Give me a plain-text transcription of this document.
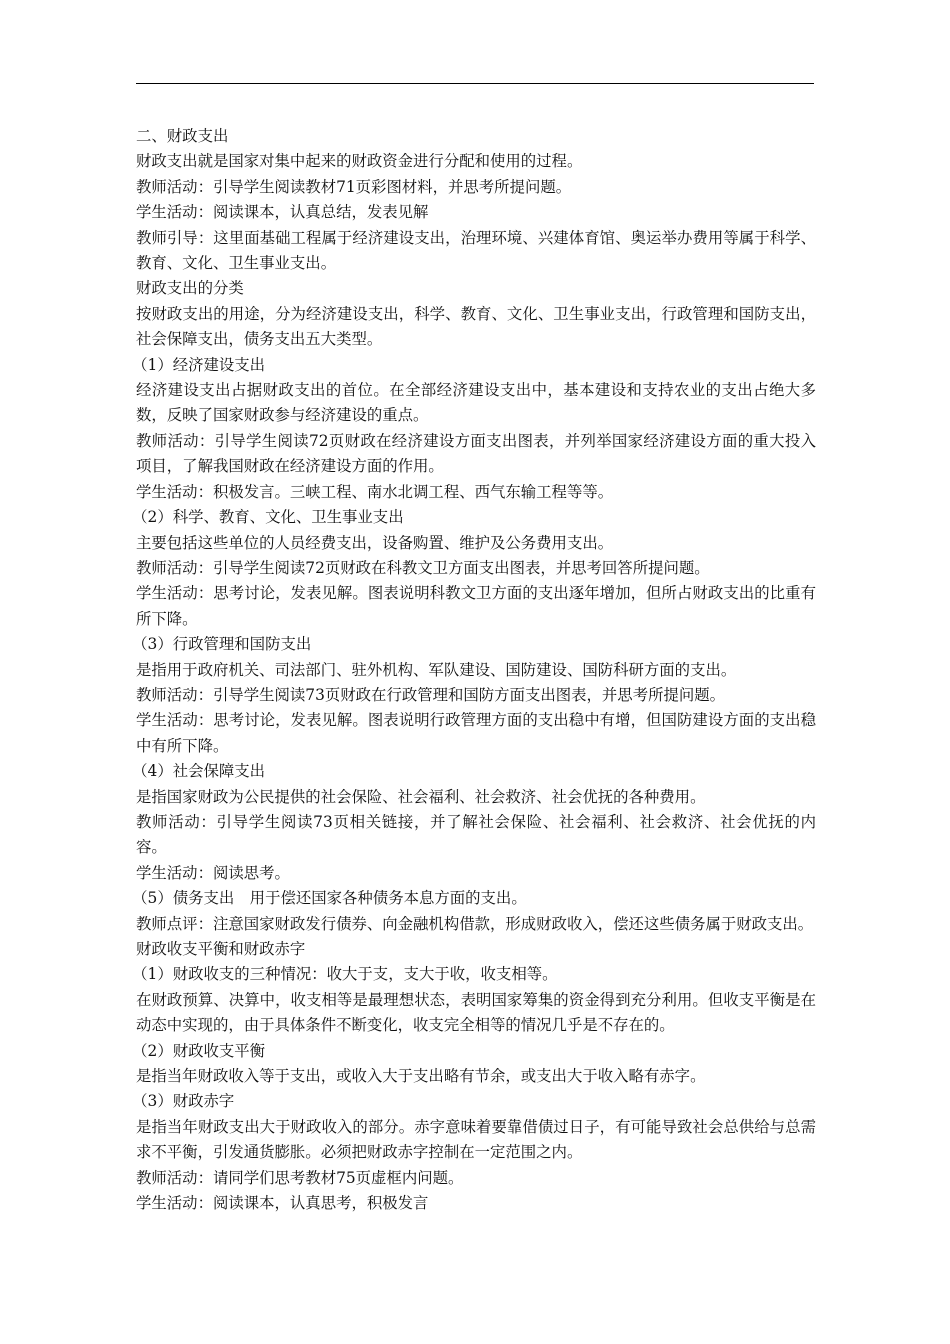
二、财政支出

财政支出就是国家对集中起来的财政资金进行分配和使用的过程。

教师活动：引导学生阅读教材71页彩图材料，并思考所提问题。

学生活动：阅读课本，认真总结，发表见解

教师引导：这里面基础工程属于经济建设支出，治理环境、兴建体育馆、奥运举办费用等属于科学、教育、文化、卫生事业支出。

财政支出的分类

按财政支出的用途，分为经济建设支出，科学、教育、文化、卫生事业支出，行政管理和国防支出，社会保障支出，债务支出五大类型。

（1）经济建设支出

经济建设支出占据财政支出的首位。在全部经济建设支出中，基本建设和支持农业的支出占绝大多数，反映了国家财政参与经济建设的重点。

教师活动：引导学生阅读72页财政在经济建设方面支出图表，并列举国家经济建设方面的重大投入项目，了解我国财政在经济建设方面的作用。

学生活动：积极发言。三峡工程、南水北调工程、西气东输工程等等。

（2）科学、教育、文化、卫生事业支出

主要包括这些单位的人员经费支出，设备购置、维护及公务费用支出。

教师活动：引导学生阅读72页财政在科教文卫方面支出图表，并思考回答所提问题。

学生活动：思考讨论，发表见解。图表说明科教文卫方面的支出逐年增加，但所占财政支出的比重有所下降。

（3）行政管理和国防支出

是指用于政府机关、司法部门、驻外机构、军队建设、国防建设、国防科研方面的支出。

教师活动：引导学生阅读73页财政在行政管理和国防方面支出图表，并思考所提问题。

学生活动：思考讨论，发表见解。图表说明行政管理方面的支出稳中有增，但国防建设方面的支出稳中有所下降。

（4）社会保障支出

是指国家财政为公民提供的社会保险、社会福利、社会救济、社会优抚的各种费用。

教师活动：引导学生阅读73页相关链接，并了解社会保险、社会福利、社会救济、社会优抚的内容。

学生活动：阅读思考。

（5）债务支出　用于偿还国家各种债务本息方面的支出。

教师点评：注意国家财政发行债券、向金融机构借款，形成财政收入，偿还这些债务属于财政支出。

财政收支平衡和财政赤字

（1）财政收支的三种情况：收大于支，支大于收，收支相等。

在财政预算、决算中，收支相等是最理想状态，表明国家筹集的资金得到充分利用。但收支平衡是在动态中实现的，由于具体条件不断变化，收支完全相等的情况几乎是不存在的。

（2）财政收支平衡

是指当年财政收入等于支出，或收入大于支出略有节余，或支出大于收入略有赤字。

（3）财政赤字

是指当年财政支出大于财政收入的部分。赤字意味着要靠借债过日子，有可能导致社会总供给与总需求不平衡，引发通货膨胀。必须把财政赤字控制在一定范围之内。

教师活动：请同学们思考教材75页虚框内问题。

学生活动：阅读课本，认真思考，积极发言
